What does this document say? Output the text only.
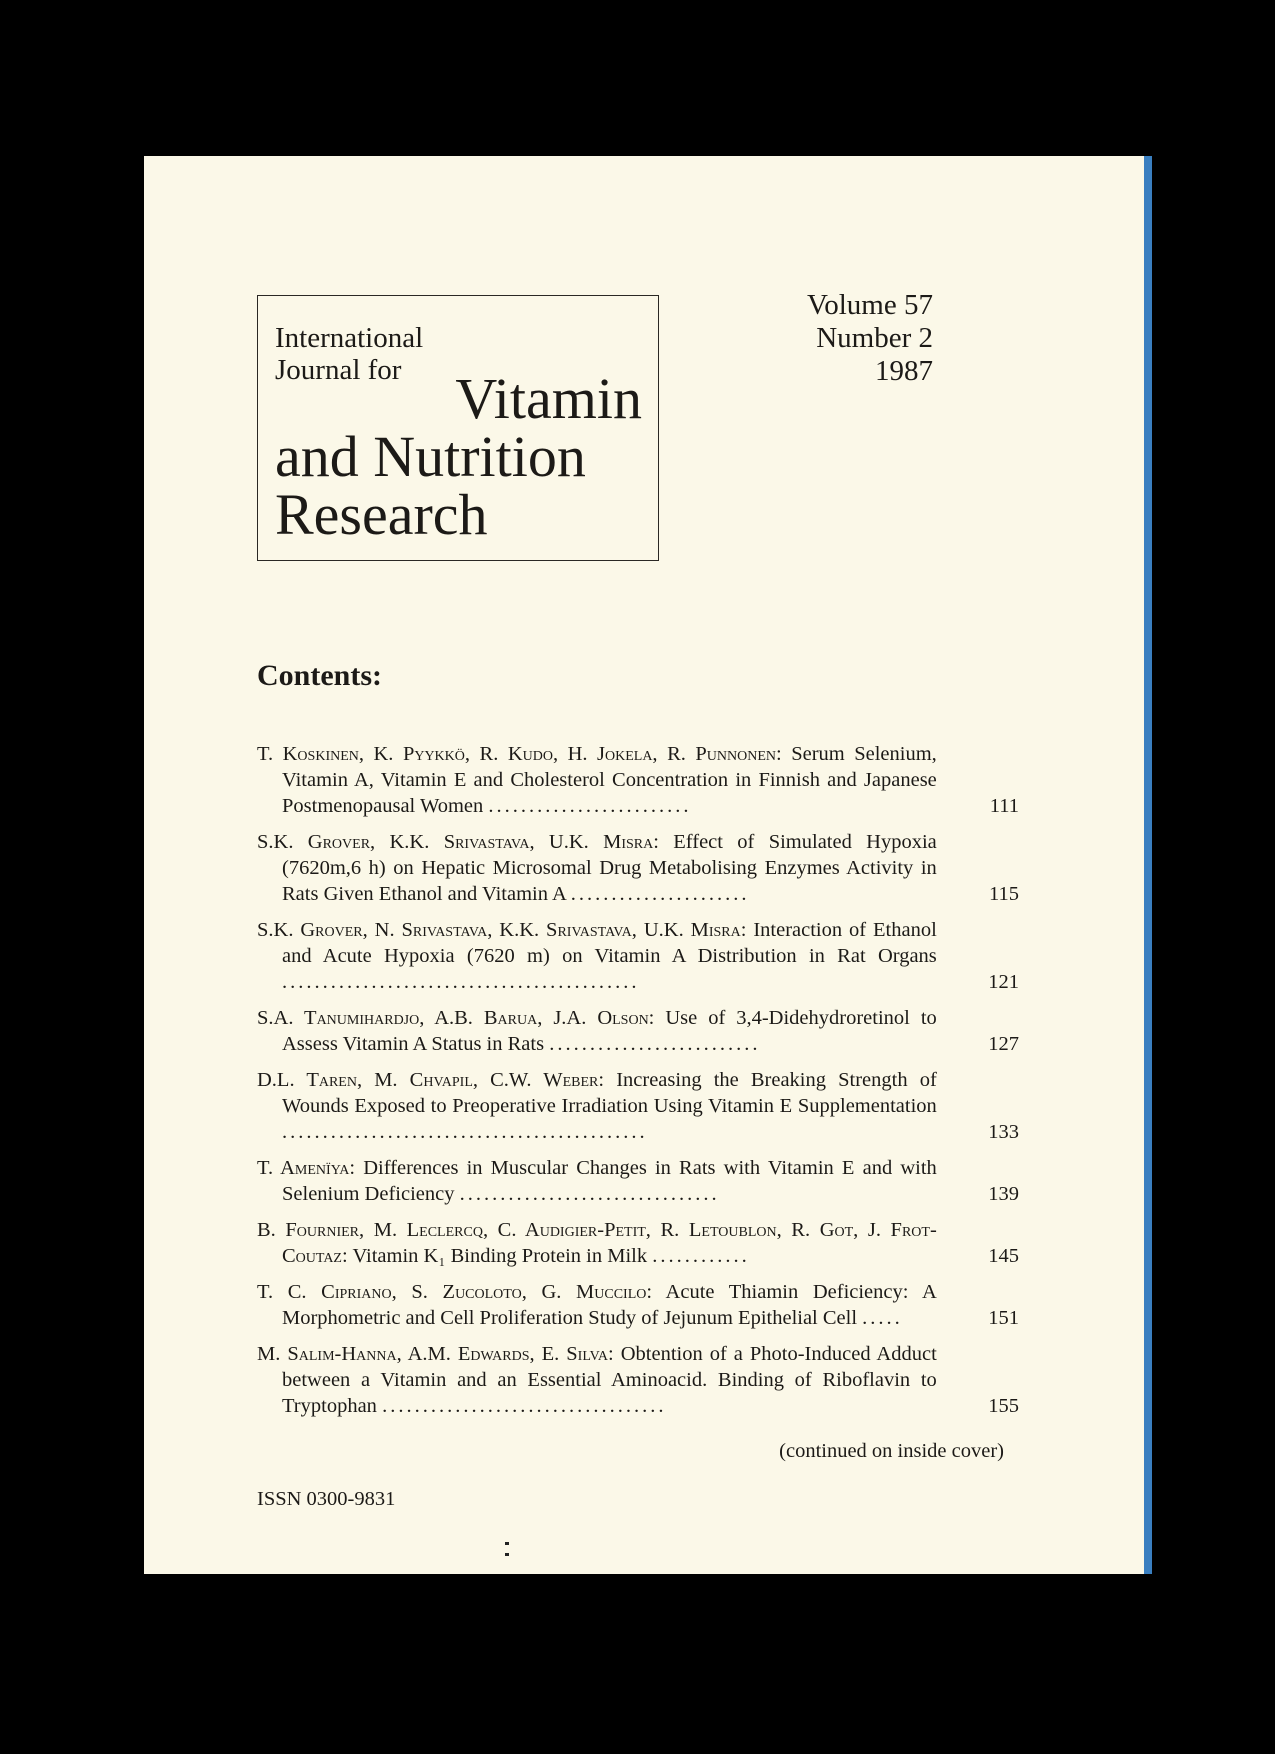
International
Journal for Vitamin
and Nutrition
Research
Volume 57
Number 2
1987
Contents:
T. Koskinen, K. Pyykkö, R. Kudo, H. Jokela, R. Punnonen: Serum Selenium, Vitamin A, Vitamin E and Cholesterol Concentration in Finnish and Japanese Postmenopausal Women .........................	111
S.K. Grover, K.K. Srivastava, U.K. Misra: Effect of Simulated Hypoxia (7620m,6 h) on Hepatic Microsomal Drug Metabolising Enzymes Activity in Rats Given Ethanol and Vitamin A ......................	115
S.K. Grover, N. Srivastava, K.K. Srivastava, U.K. Misra: Interaction of Ethanol and Acute Hypoxia (7620 m) on Vitamin A Distribution in Rat Organs ............................................	121
S.A. Tanumihardjo, A.B. Barua, J.A. Olson: Use of 3,4-Didehydroretinol to Assess Vitamin A Status in Rats ..........................	127
D.L. Taren, M. Chvapil, C.W. Weber: Increasing the Breaking Strength of Wounds Exposed to Preoperative Irradiation Using Vitamin E Supplementation .............................................	133
T. Amenïya: Differences in Muscular Changes in Rats with Vitamin E and with Selenium Deficiency ................................	139
B. Fournier, M. Leclercq, C. Audigier-Petit, R. Letoublon, R. Got, J. Frot-Coutaz: Vitamin K₁ Binding Protein in Milk ............	145
T. C. Cipriano, S. Zucoloto, G. Muccilo: Acute Thiamin Deficiency: A Morphometric and Cell Proliferation Study of Jejunum Epithelial Cell .....	151
M. Salim-Hanna, A.M. Edwards, E. Silva: Obtention of a Photo-Induced Adduct between a Vitamin and an Essential Aminoacid. Binding of Riboflavin to Tryptophan ...................................	155
(continued on inside cover)
ISSN 0300-9831
